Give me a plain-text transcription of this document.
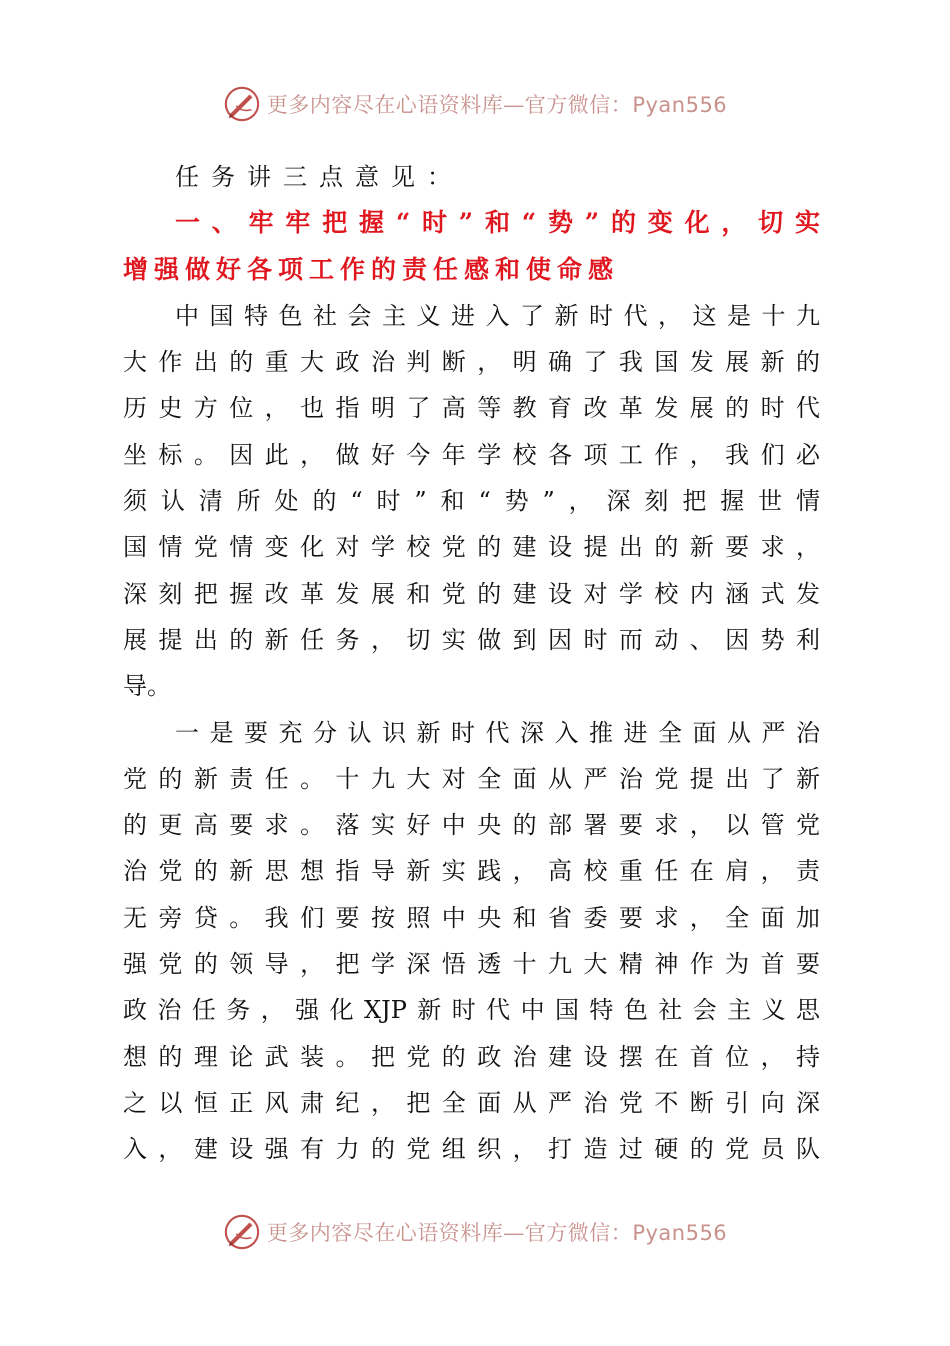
更多内容尽在心语资料库—官方微信：Pyan556
任务讲三点意见：
一、牢牢把握“时”和“势”的变化，切实
增强做好各项工作的责任感和使命感
中国特色社会主义进入了新时代，这是十九
大作出的重大政治判断，明确了我国发展新的
历史方位，也指明了高等教育改革发展的时代
坐标。因此，做好今年学校各项工作，我们必
须认清所处的“时”和“势”，深刻把握世情
国情党情变化对学校党的建设提出的新要求，
深刻把握改革发展和党的建设对学校内涵式发
展提出的新任务，切实做到因时而动、因势利
导。
一是要充分认识新时代深入推进全面从严治
党的新责任。十九大对全面从严治党提出了新
的更高要求。落实好中央的部署要求，以管党
治党的新思想指导新实践，高校重任在肩，责
无旁贷。我们要按照中央和省委要求，全面加
强党的领导，把学深悟透十九大精神作为首要
政治任务，强化XJP新时代中国特色社会主义思
想的理论武装。把党的政治建设摆在首位，持
之以恒正风肃纪，把全面从严治党不断引向深
入，建设强有力的党组织，打造过硬的党员队
更多内容尽在心语资料库—官方微信：Pyan556
